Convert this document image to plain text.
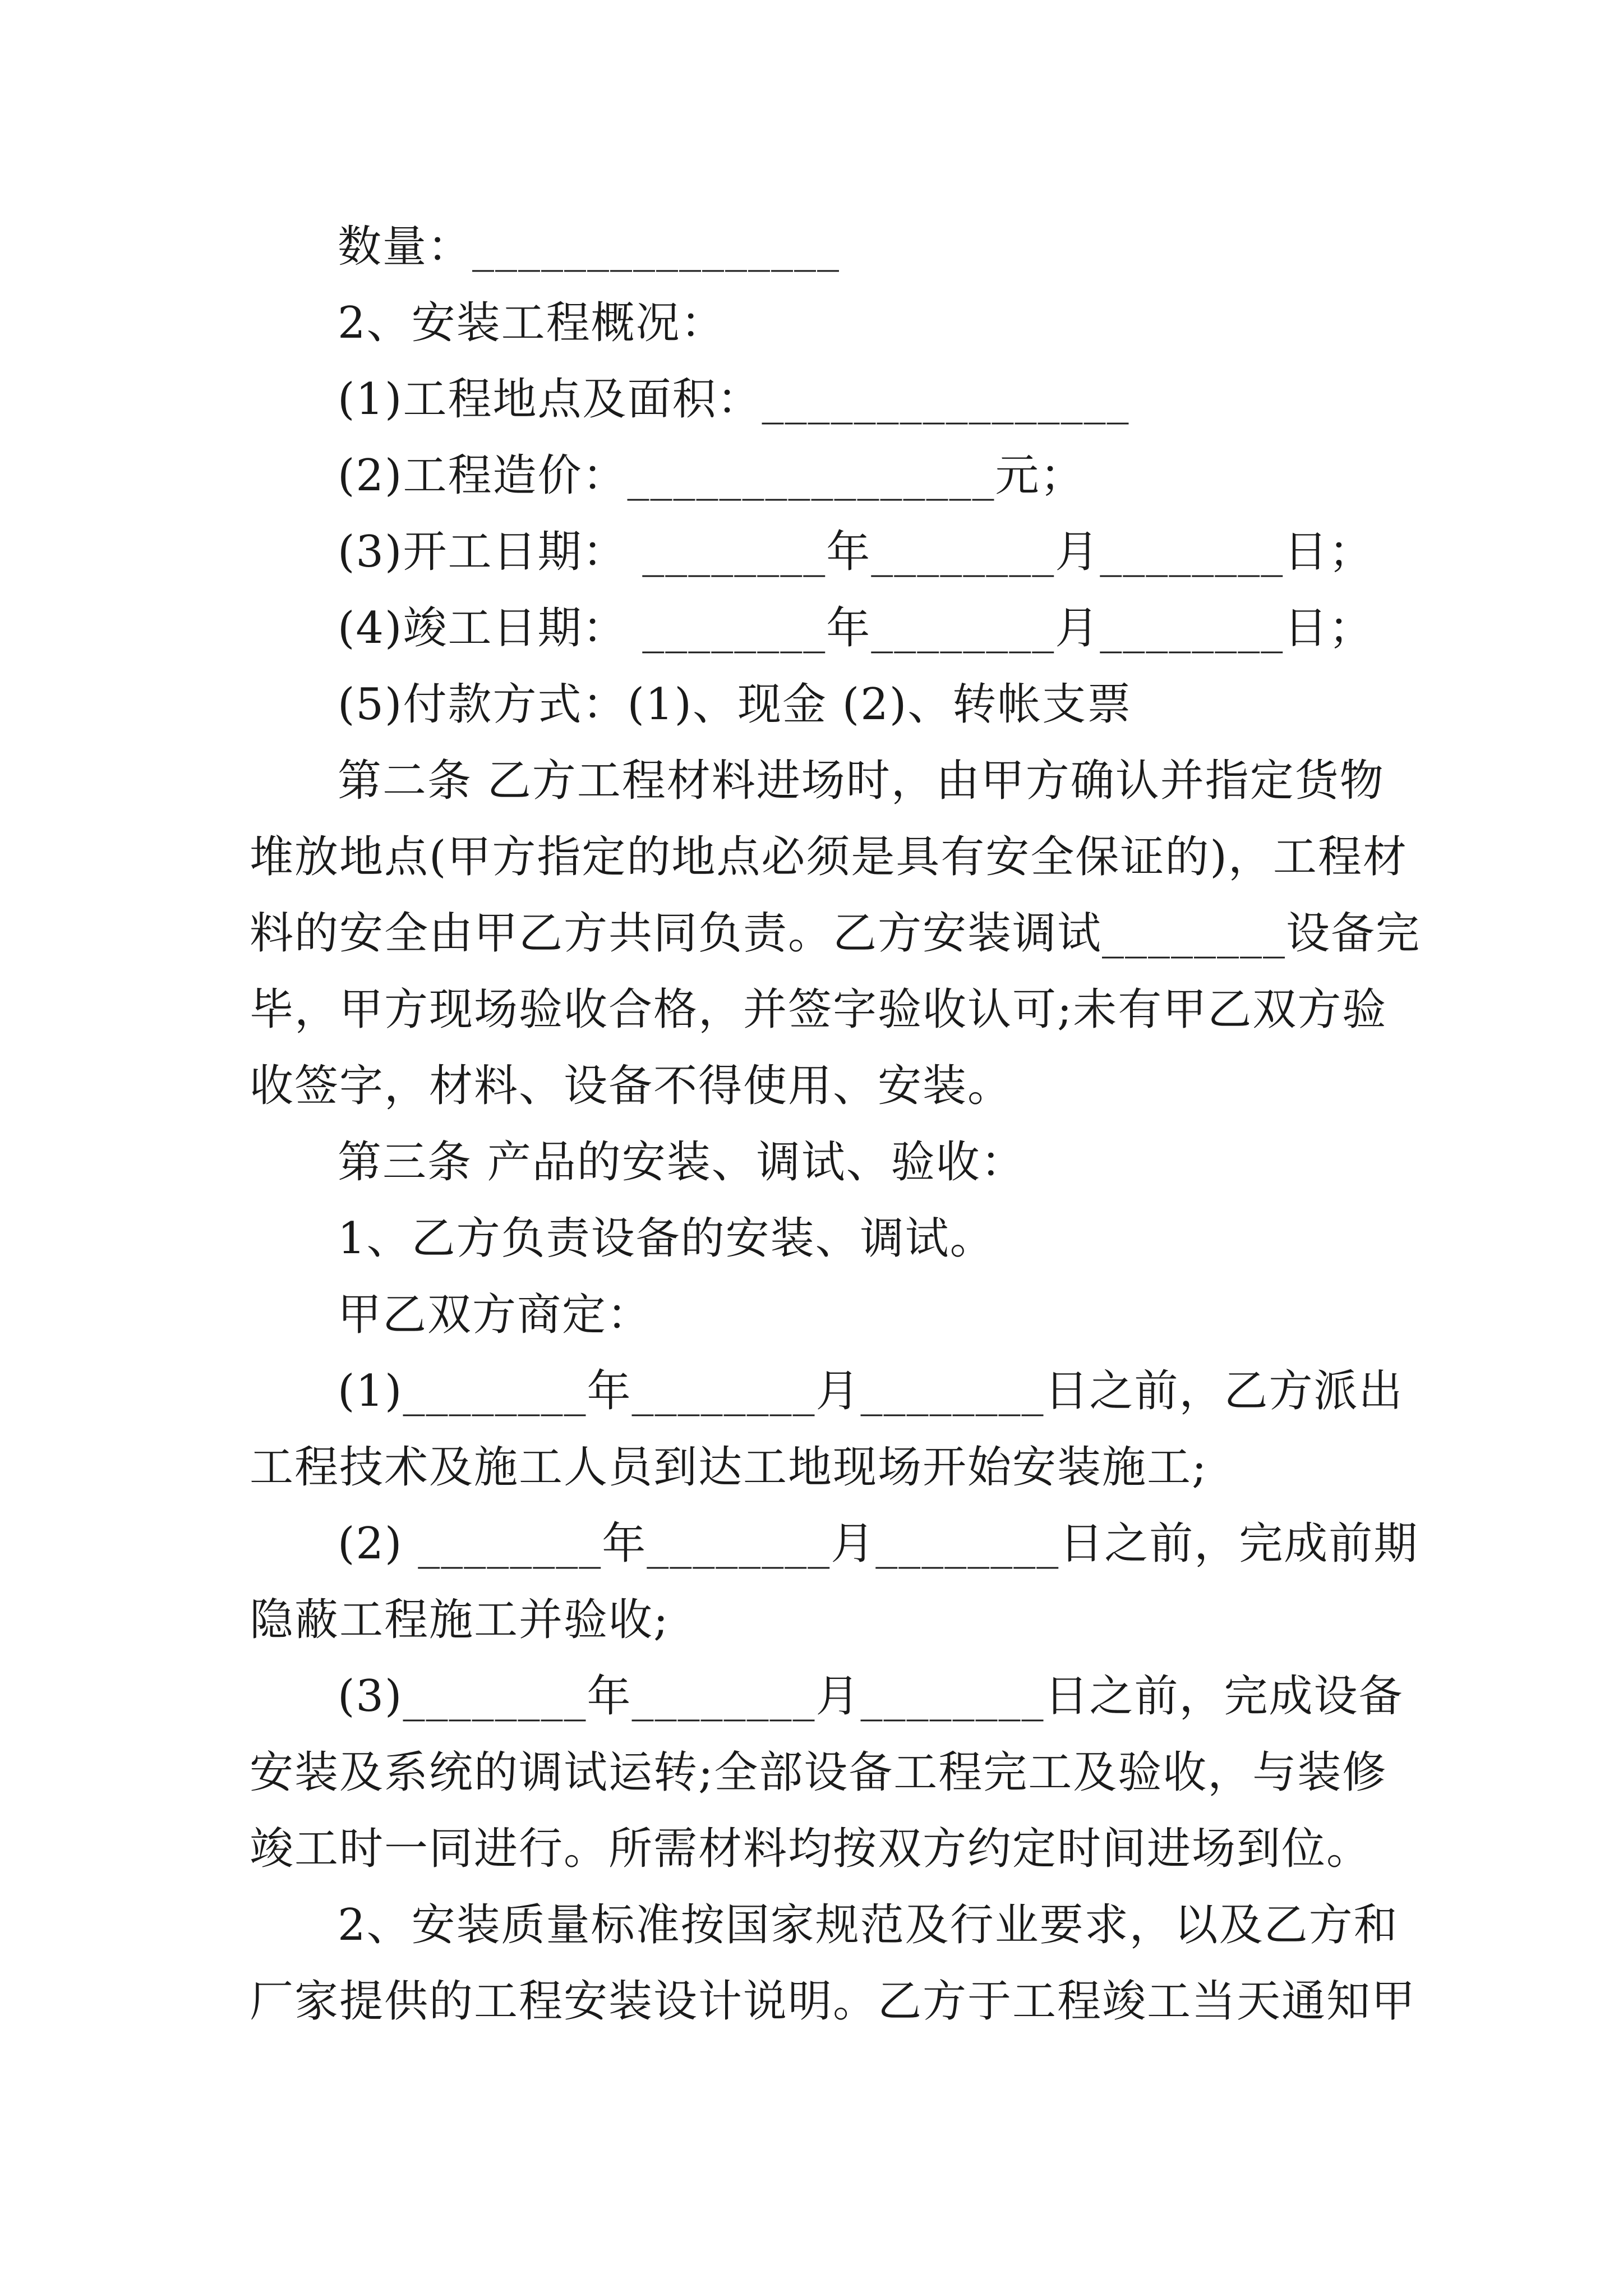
数量：________________
2、安装工程概况：
(1)工程地点及面积：________________
(2)工程造价：________________元；
(3)开工日期： ________年________月________日；
(4)竣工日期： ________年________月________日；
(5)付款方式：(1)、现金 (2)、转帐支票
第二条 乙方工程材料进场时，由甲方确认并指定货物
堆放地点(甲方指定的地点必须是具有安全保证的)，工程材
料的安全由甲乙方共同负责。乙方安装调试________设备完
毕，甲方现场验收合格，并签字验收认可;未有甲乙双方验
收签字，材料、设备不得使用、安装。
第三条 产品的安装、调试、验收：
1、乙方负责设备的安装、调试。
甲乙双方商定：
(1)________年________月________日之前，乙方派出
工程技术及施工人员到达工地现场开始安装施工;
(2) ________年________月________日之前，完成前期
隐蔽工程施工并验收;
(3)________年________月________日之前，完成设备
安装及系统的调试运转;全部设备工程完工及验收，与装修
竣工时一同进行。所需材料均按双方约定时间进场到位。
2、安装质量标准按国家规范及行业要求，以及乙方和
厂家提供的工程安装设计说明。乙方于工程竣工当天通知甲
